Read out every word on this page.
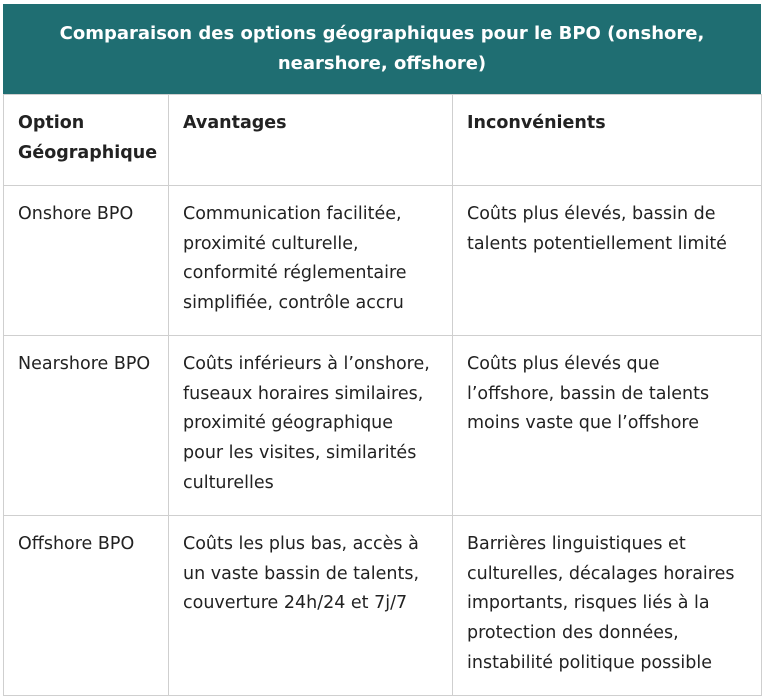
Comparaison des options géographiques pour le BPO (onshore, nearshore, offshore)
Option Géographique	Avantages	Inconvénients
Onshore BPO	Communication facilitée, proximité culturelle, conformité réglementaire simplifiée, contrôle accru	Coûts plus élevés, bassin de talents potentiellement limité
Nearshore BPO	Coûts inférieurs à l’onshore, fuseaux horaires similaires, proximité géographique pour les visites, similarités culturelles	Coûts plus élevés que l’offshore, bassin de talents moins vaste que l’offshore
Offshore BPO	Coûts les plus bas, accès à un vaste bassin de talents, couverture 24h/24 et 7j/7	Barrières linguistiques et culturelles, décalages horaires importants, risques liés à la protection des données, instabilité politique possible
